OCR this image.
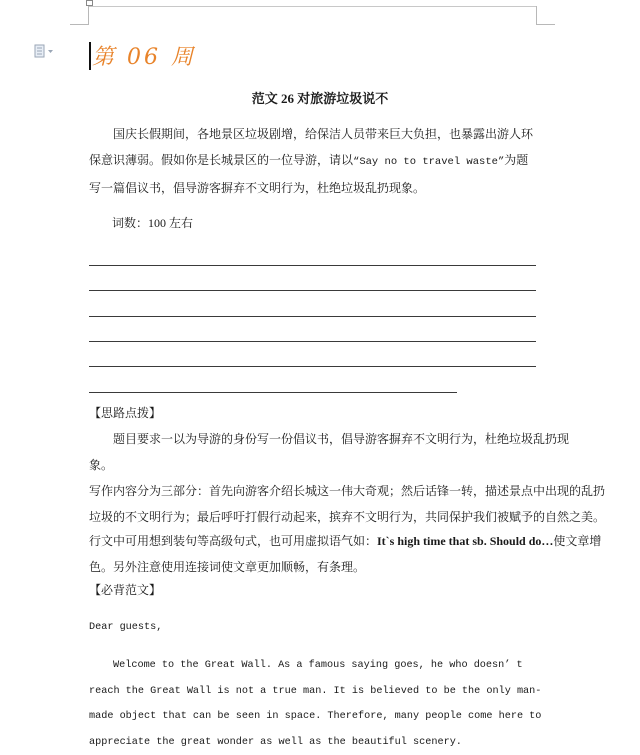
第 06 周
范文 26 对旅游垃圾说不

国庆长假期间，各地景区垃圾剧增，给保洁人员带来巨大负担，也暴露出游人环保意识薄弱。假如你是长城景区的一位导游，请以“Say no to travel waste”为题写一篇倡议书，倡导游客摒弃不文明行为，杜绝垃圾乱扔现象。

词数：100 左右
【思路点拨】

题目要求一以为导游的身份写一份倡议书，倡导游客摒弃不文明行为，杜绝垃圾乱扔现象。

写作内容分为三部分：首先向游客介绍长城这一伟大奇观；然后话锋一转，描述景点中出现的乱扔垃圾的不文明行为；最后呼吁打假行动起来，摈弃不文明行为，共同保护我们被赋予的自然之美。

行文中可用想到装句等高级句式，也可用虚拟语气如：It`s high time that sb. Should do…使文章增色。另外注意使用连接词使文章更加顺畅，有条理。

【必背范文】

Dear guests,

Welcome to the Great Wall. As a famous saying goes, he who doesn’ t reach the Great Wall is not a true man. It is believed to be the only man-made object that can be seen in space. Therefore, many people come here to appreciate the great wonder as well as the beautiful scenery.
